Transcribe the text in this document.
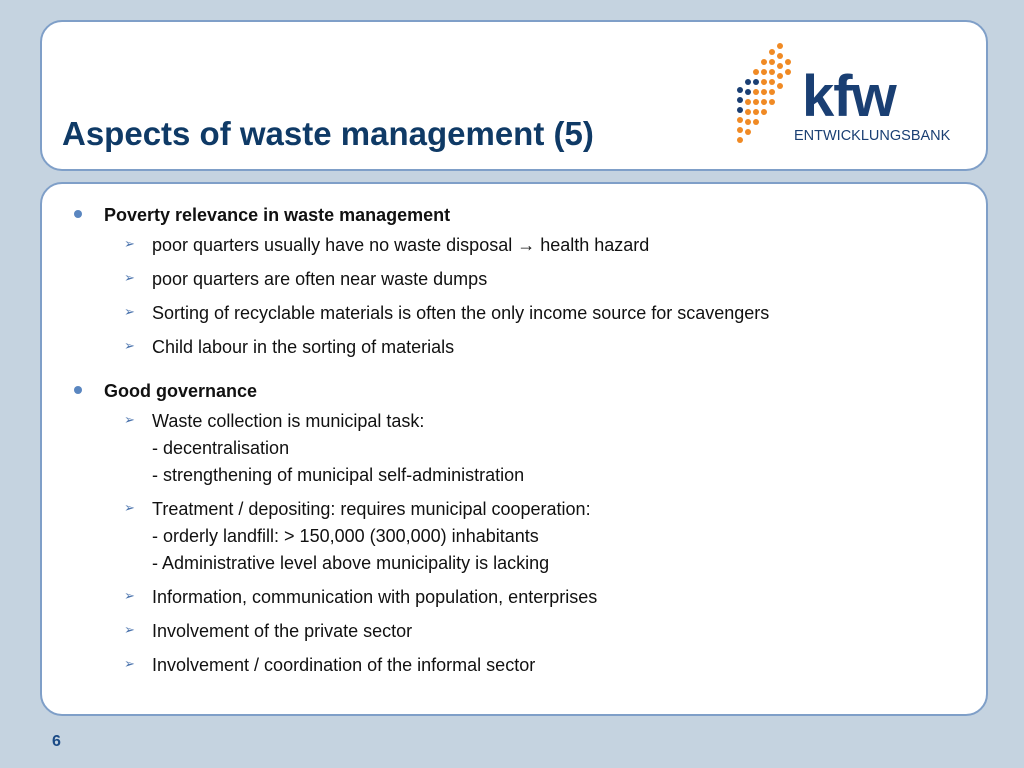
Aspects of waste management (5)
kfw
ENTWICKLUNGSBANK
Poverty relevance in waste management
➢ poor quarters usually have no waste disposal → health hazard
➢ poor quarters are often near waste dumps
➢ Sorting of recyclable materials is often the only income source for scavengers
➢ Child labour in the sorting of materials
Good governance
➢ Waste collection is municipal task:
- decentralisation
- strengthening of municipal self-administration
➢ Treatment / depositing: requires municipal cooperation:
- orderly landfill: > 150,000 (300,000) inhabitants
- Administrative level above municipality is lacking
➢ Information, communication with population, enterprises
➢ Involvement of the private sector
➢ Involvement / coordination of the informal sector
6
